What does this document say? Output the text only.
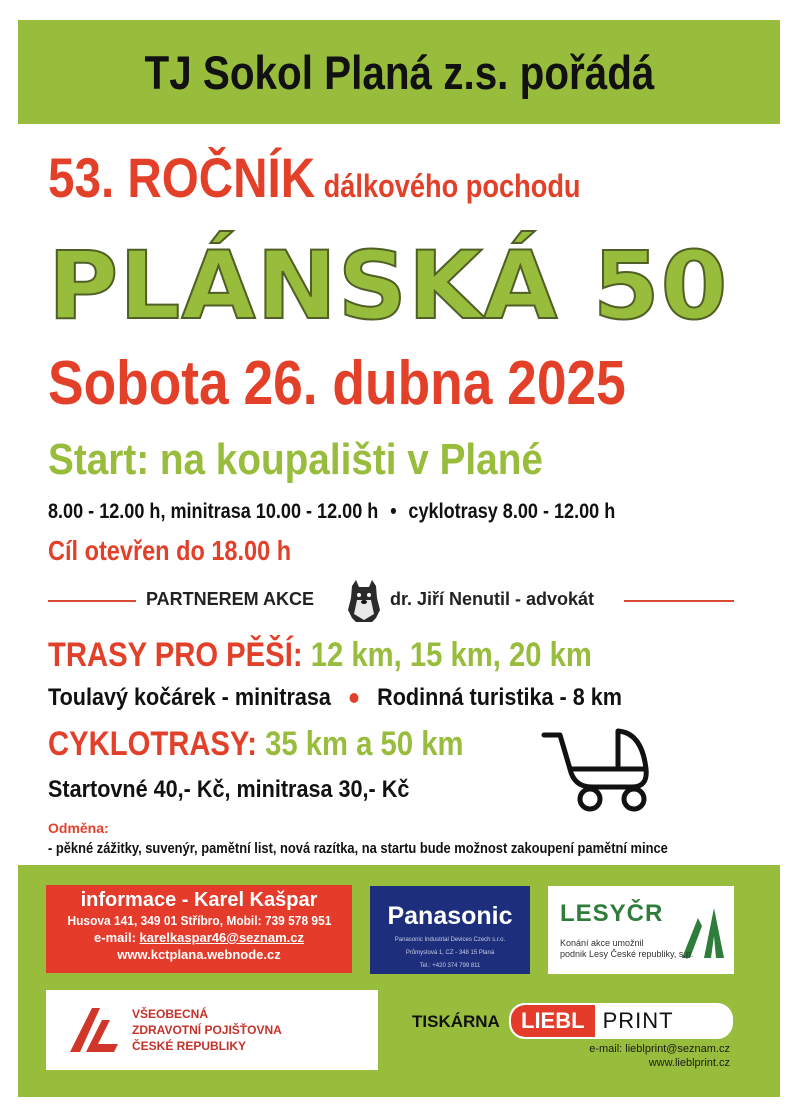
TJ Sokol Planá z.s. pořádá
53. ROČNÍK dálkového pochodu
PLÁNSKÁ 50
Sobota 26. dubna 2025
Start: na koupališti v Plané
8.00 - 12.00 h, minitrasa 10.00 - 12.00 h • cyklotrasy 8.00 - 12.00 h
Cíl otevřen do 18.00 h
PARTNEREM AKCE	dr. Jiří Nenutil - advokát
TRASY PRO PĚŠÍ: 12 km, 15 km, 20 km
Toulavý kočárek - minitrasa Rodinná turistika - 8 km
CYKLOTRASY: 35 km a 50 km
Startovné 40,- Kč, minitrasa 30,- Kč
Odměna:
- pěkné zážitky, suvenýr, pamětní list, nová razítka, na startu bude možnost zakoupení pamětní mince
informace - Karel Kašpar
Husova 141, 349 01 Stříbro, Mobil: 739 578 951
e-mail: karelkaspar46@seznam.cz
www.kctplana.webnode.cz
Panasonic
Panasonic Industrial Devices Czech s.r.o.
Průmyslová 1, CZ - 348 15 Planá
Tel.: +420 374 799 811
LESYČR
Konání akce umožnil
podnik Lesy České republiky, s.p.
VŠEOBECNÁ
ZDRAVOTNÍ POJIŠŤOVNA
ČESKÉ REPUBLIKY
TISKÁRNA LIEBL PRINT
e-mail: lieblprint@seznam.cz
www.lieblprint.cz
